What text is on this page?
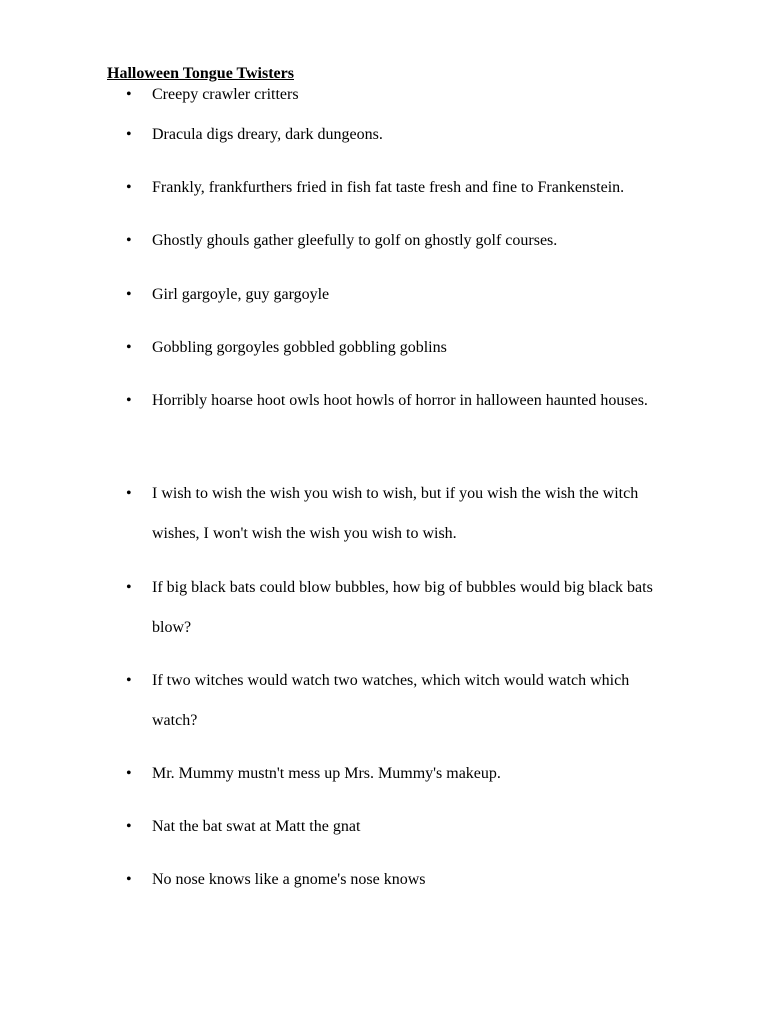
Halloween Tongue Twisters
• Creepy crawler critters
• Dracula digs dreary, dark dungeons.
• Frankly, frankfurthers fried in fish fat taste fresh and fine to Frankenstein.
• Ghostly ghouls gather gleefully to golf on ghostly golf courses.
• Girl gargoyle, guy gargoyle
• Gobbling gorgoyles gobbled gobbling goblins
• Horribly hoarse hoot owls hoot howls of horror in halloween haunted houses.
• I wish to wish the wish you wish to wish, but if you wish the wish the witch wishes, I won't wish the wish you wish to wish.
• If big black bats could blow bubbles, how big of bubbles would big black bats blow?
• If two witches would watch two watches, which witch would watch which watch?
• Mr. Mummy mustn't mess up Mrs. Mummy's makeup.
• Nat the bat swat at Matt the gnat
• No nose knows like a gnome's nose knows
